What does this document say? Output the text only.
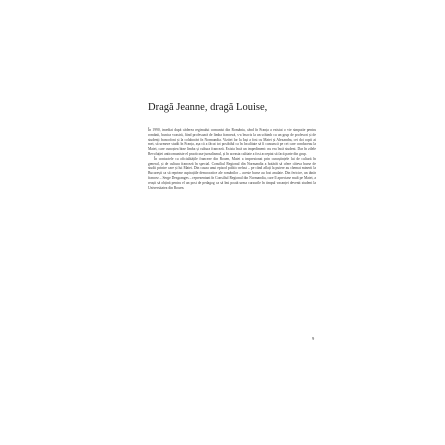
Dragă Jeanne, dragă Louise,

În 1990, imediat după căderea regimului comunist din România, când în Franța a existat o vie simpatie pentru românii, bunica voastră, fiind profesoară de limba franceză, s-a înscris la un schimb cu un grup de profesori și de studenți francofoni și la colaborări în Normandia. Vizitei lor la Iași a fost cu Matei și Alexandra, cei doi copii ai mei, să urmeze studii în Franța, așa că a făcut tot posibilul ca în localitate să îi cunoască pe cei care conduceau la Matei, care cunoștea bine limba și cultura franceză. Exista încă un impediment: nu era încă student. Dar în zilele Revoluției anticomuniste el practicase jurnalismul, și în aceasta calitate a fost acceptat să facă parte din grup.

În contactele cu oficialitățile franceze din Rouen, Matei a impresionat prin cunoștințele lui de cultură în general, și de cultura franceză în special. Consiliul Regional din Normandia a hotărât să ofere câteva burse de studii printre care și lui Matei. Din cauza unui episod politic nefast – pe când aflați la putere au chemat minerii la București ca să reprime aspirațiile democratice ale românilor – aceste burse au fost anulate. Din fericire, un tânăr francez – Serge Desgranges – reprezentant în Consiliul Regional din Normandia, care îl apreciase mult pe Matei, a reușit să obțină pentru el un post de pedagog ca să îmi poată urma cursurile în timpul vacanței devenit student la Universitatea din Rouen.

9
